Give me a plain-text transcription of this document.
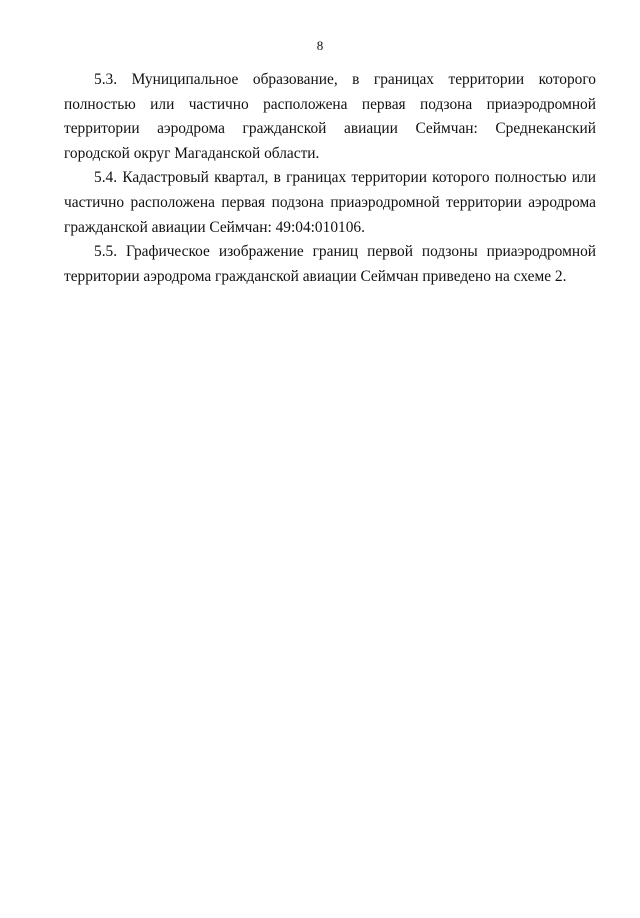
8

5.3. Муниципальное образование, в границах территории которого полностью или частично расположена первая подзона приаэродромной территории аэродрома гражданской авиации Сеймчан: Среднеканский городской округ Магаданской области.

5.4. Кадастровый квартал, в границах территории которого полностью или частично расположена первая подзона приаэродромной территории аэродрома гражданской авиации Сеймчан: 49:04:010106.

5.5. Графическое изображение границ первой подзоны приаэродромной территории аэродрома гражданской авиации Сеймчан приведено на схеме 2.
